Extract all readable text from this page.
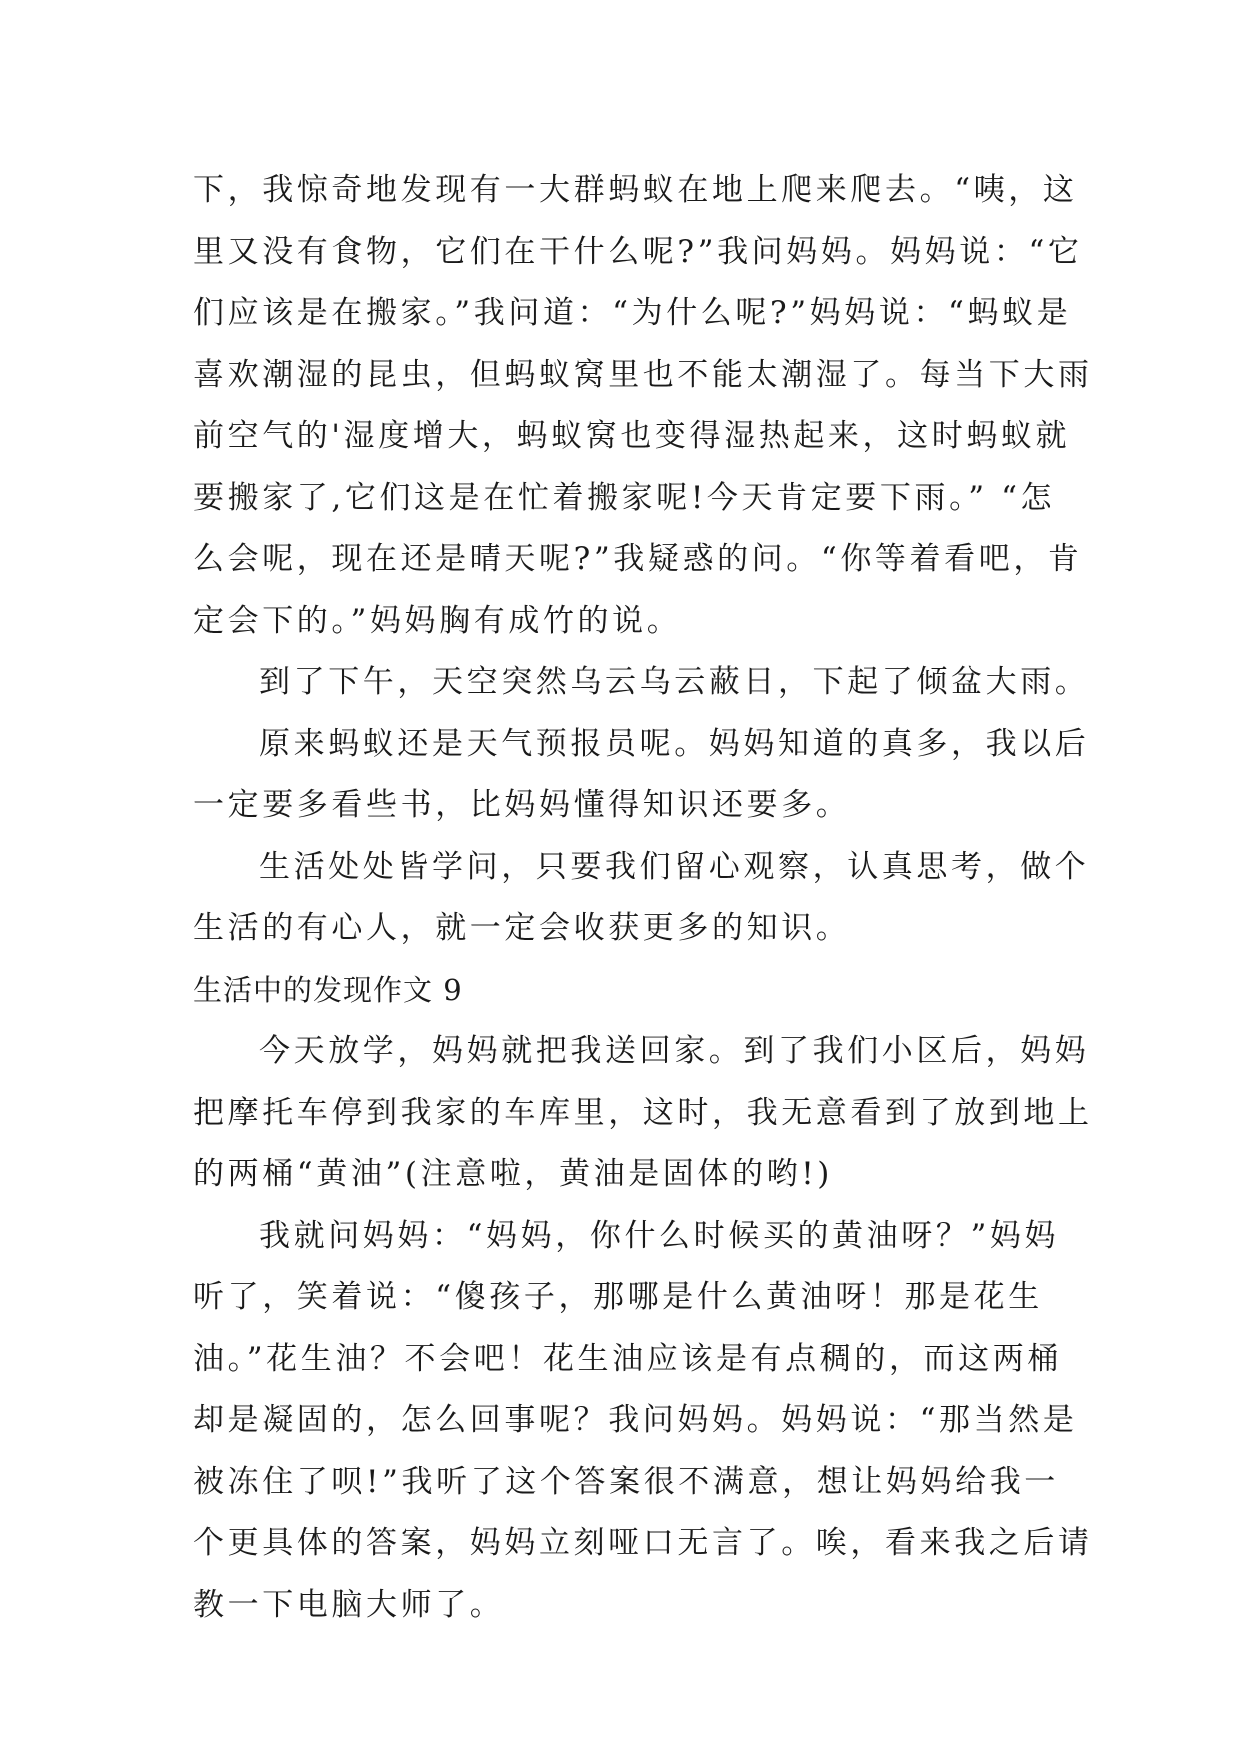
下，我惊奇地发现有一大群蚂蚁在地上爬来爬去。“咦，这
里又没有食物，它们在干什么呢?”我问妈妈。妈妈说：“它
们应该是在搬家。”我问道：“为什么呢?”妈妈说：“蚂蚁是
喜欢潮湿的昆虫，但蚂蚁窝里也不能太潮湿了。每当下大雨
前空气的'湿度增大，蚂蚁窝也变得湿热起来，这时蚂蚁就
要搬家了,它们这是在忙着搬家呢!今天肯定要下雨。” “怎
么会呢，现在还是晴天呢?”我疑惑的问。“你等着看吧，肯
定会下的。”妈妈胸有成竹的说。
到了下午，天空突然乌云乌云蔽日，下起了倾盆大雨。
原来蚂蚁还是天气预报员呢。妈妈知道的真多，我以后
一定要多看些书，比妈妈懂得知识还要多。
生活处处皆学问，只要我们留心观察，认真思考，做个
生活的有心人，就一定会收获更多的知识。
生活中的发现作文 9
今天放学，妈妈就把我送回家。到了我们小区后，妈妈
把摩托车停到我家的车库里，这时，我无意看到了放到地上
的两桶“黄油”(注意啦，黄油是固体的哟!)
我就问妈妈：“妈妈，你什么时候买的黄油呀？”妈妈
听了，笑着说：“傻孩子，那哪是什么黄油呀！那是花生
油。”花生油？不会吧！花生油应该是有点稠的，而这两桶
却是凝固的，怎么回事呢？我问妈妈。妈妈说：“那当然是
被冻住了呗!”我听了这个答案很不满意，想让妈妈给我一
个更具体的答案，妈妈立刻哑口无言了。唉，看来我之后请
教一下电脑大师了。
